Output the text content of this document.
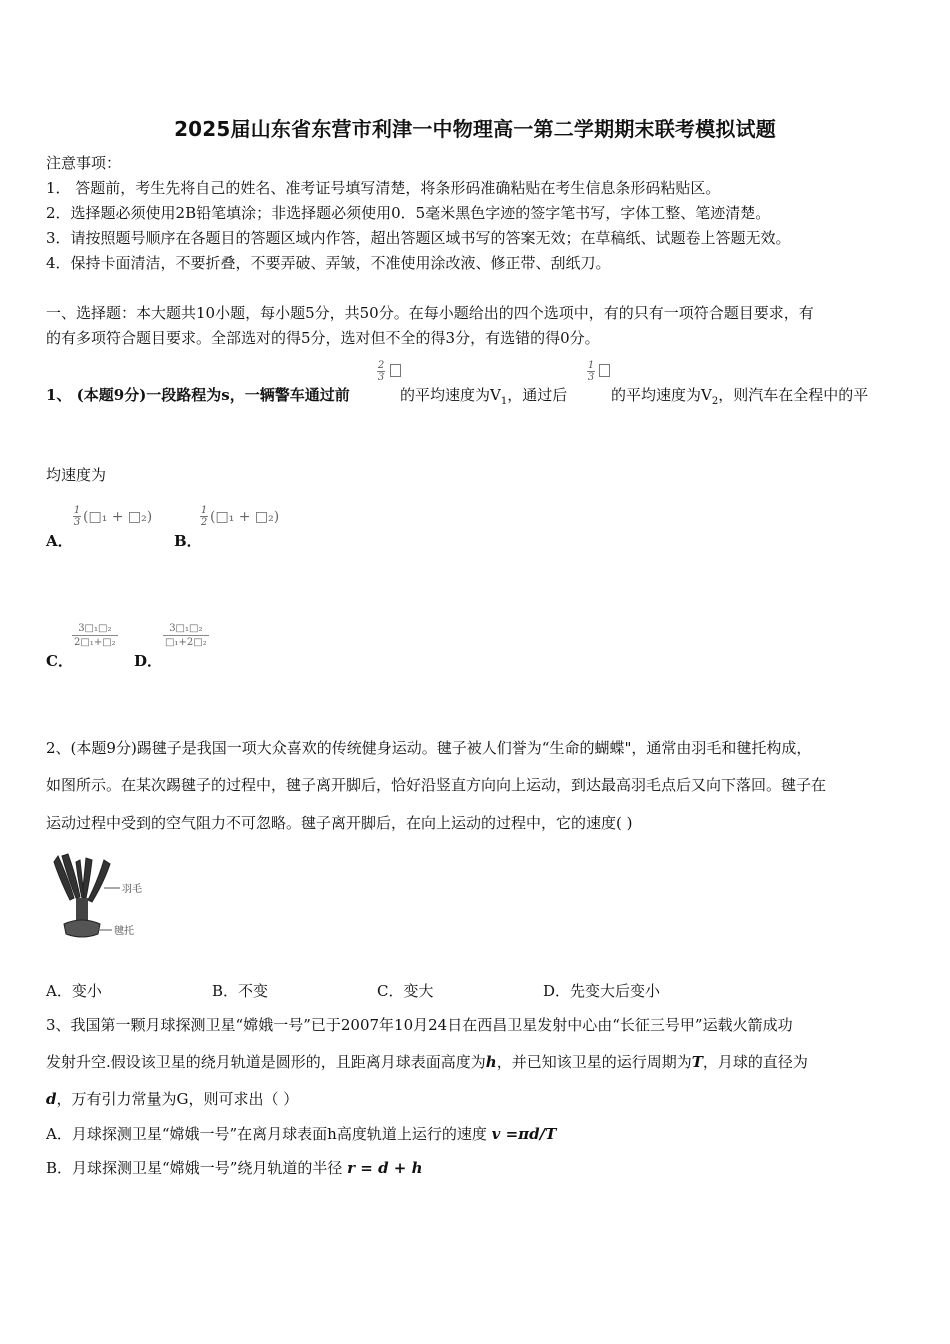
2025届山东省东营市利津一中物理高一第二学期期末联考模拟试题
注意事项：
1． 答题前，考生先将自己的姓名、准考证号填写清楚，将条形码准确粘贴在考生信息条形码粘贴区。
2．选择题必须使用2B铅笔填涂；非选择题必须使用0．5毫米黑色字迹的签字笔书写，字体工整、笔迹清楚。
3．请按照题号顺序在各题目的答题区域内作答，超出答题区域书写的答案无效；在草稿纸、试题卷上答题无效。
4．保持卡面清洁，不要折叠，不要弄破、弄皱，不准使用涂改液、修正带、刮纸刀。
一、选择题：本大题共10小题，每小题5分，共50分。在每小题给出的四个选项中，有的只有一项符合题目要求，有
的有多项符合题目要求。全部选对的得5分，选对但不全的得3分，有选错的得0分。
1、 (本题9分)一段路程为s，一辆警车通过前
2
3
的平均速度为$V_1$，通过后
1
3
的平均速度为$V_2$，则汽车在全程中的平
均速度为
1
3 (□₁ + □₂)
A．
1
2 (□₁ + □₂)
B．
$\frac{\text{3□₁□₂}}{\text{2□₁+□₂}}$
C．
$\frac{\text{3□₁□₂}}{\text{□₁+2□₂}}$
D．
2、(本题9分)踢毽子是我国一项大众喜欢的传统健身运动。毽子被人们誉为“生命的蝴蝶"，通常由羽毛和毽托构成，
如图所示。在某次踢毽子的过程中，毽子离开脚后，恰好沿竖直方向向上运动，到达最高羽毛点后又向下落回。毽子在
运动过程中受到的空气阻力不可忽略。毽子离开脚后，在向上运动的过程中，它的速度( )
羽毛
毽托
A．变小	B．不变	C．变大	D．先变大后变小
3、我国第一颗月球探测卫星“嫦娥一号”已于2007年10月24日在西昌卫星发射中心由“长征三号甲”运载火箭成功
发射升空.假设该卫星的绕月轨道是圆形的，且距离月球表面高度为h，并已知该卫星的运行周期为T，月球的直径为
d，万有引力常量为G，则可求出（ ）
A．月球探测卫星“嫦娥一号”在离月球表面h高度轨道上运行的速度 v =πd/T
B．月球探测卫星“嫦娥一号”绕月轨道的半径 r = d + h
